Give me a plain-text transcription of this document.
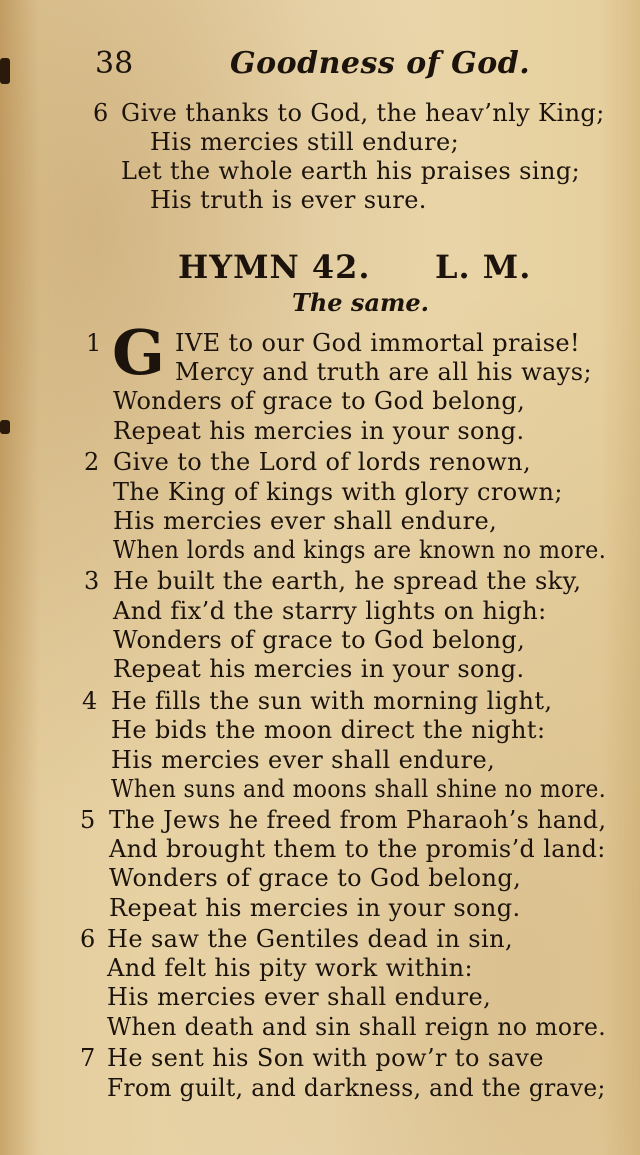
38	Goodness of God.
6 Give thanks to God, the heav’nly King;
His mercies still endure;
Let the whole earth his praises sing;
His truth is ever sure.
HYMN 42. L. M.
The same.
1 G IVE to our God immortal praise!
Mercy and truth are all his ways;
Wonders of grace to God belong,
Repeat his mercies in your song.
2 Give to the Lord of lords renown,
The King of kings with glory crown;
His mercies ever shall endure,
When lords and kings are known no more.
3 He built the earth, he spread the sky,
And fix’d the starry lights on high:
Wonders of grace to God belong,
Repeat his mercies in your song.
4 He fills the sun with morning light,
He bids the moon direct the night:
His mercies ever shall endure,
When suns and moons shall shine no more.
5 The Jews he freed from Pharaoh’s hand,
And brought them to the promis’d land:
Wonders of grace to God belong,
Repeat his mercies in your song.
6 He saw the Gentiles dead in sin,
And felt his pity work within:
His mercies ever shall endure,
When death and sin shall reign no more.
7 He sent his Son with pow’r to save
From guilt, and darkness, and the grave;
